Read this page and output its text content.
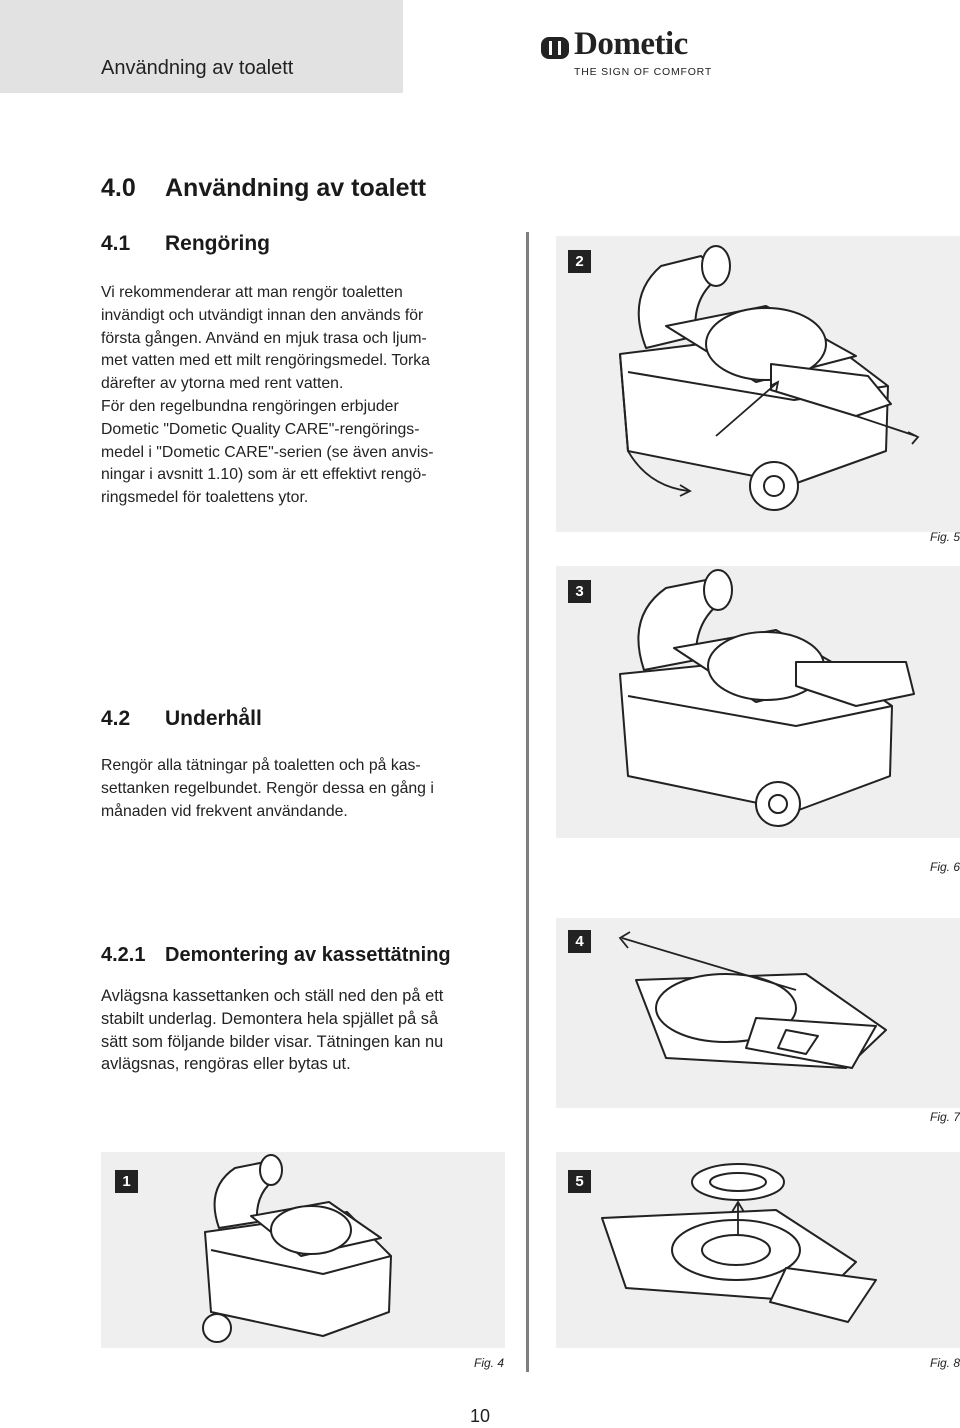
Användning av toalett
Dometic
THE SIGN OF COMFORT
4.0 Användning av toalett
4.1 Rengöring

Vi rekommenderar att man rengör toaletten

invändigt och utvändigt innan den används för

första gången. Använd en mjuk trasa och ljum-

met vatten med ett milt rengöringsmedel. Torka

därefter av ytorna med rent vatten.

För den regelbundna rengöringen erbjuder

Dometic "Dometic Quality CARE"-rengörings-

medel i "Dometic CARE"-serien (se även anvis-

ningar i avsnitt 1.10) som är ett effektivt rengö-

ringsmedel för toalettens ytor.

4.2 Underhåll

Rengör alla tätningar på toaletten och på kas-

settanken regelbundet. Rengör dessa en gång i

månaden vid frekvent användande.

4.2.1 Demontering av kassettätning

Avlägsna kassettanken och ställ ned den på ett

stabilt underlag. Demontera hela spjället på så

sätt som följande bilder visar. Tätningen kan nu

avlägsnas, rengöras eller bytas ut.

2
Fig. 5
3
Fig. 6
4
Fig. 7
1
Fig. 4
5
Fig. 8
10
